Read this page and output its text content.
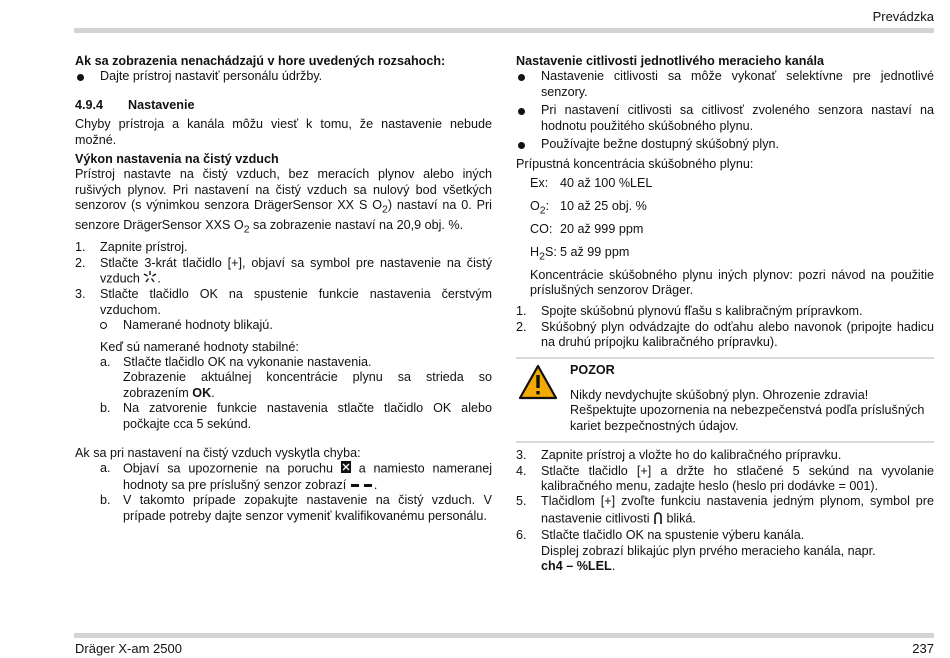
Prevádzka
Ak sa zobrazenia nenachádzajú v hore uvedených rozsahoch:
Dajte prístroj nastaviť personálu údržby.
4.9.4 Nastavenie

Chyby prístroja a kanála môžu viesť k tomu, že nastavenie nebude možné.

Výkon nastavenia na čistý vzduch

Prístroj nastavte na čistý vzduch, bez meracích plynov alebo iných rušivých plynov. Pri nastavení na čistý vzduch sa nulový bod všetkých senzorov (s výnimkou senzora DrägerSensor XX S $O_2$) nastaví na 0. Pri senzore DrägerSensor XXS $O_2$ sa zobrazenie nastaví na 20,9 obj. %.

1. Zapnite prístroj.
2. Stlačte 3-krát tlačidlo [+], objaví sa symbol pre nastavenie na čistý vzduch .
3. Stlačte tlačidlo OK na spustenie funkcie nastavenia čerstvým vzduchom.
Namerané hodnoty blikajú.
Keď sú namerané hodnoty stabilné:
a. Stlačte tlačidlo OK na vykonanie nastavenia.
Zobrazenie aktuálnej koncentrácie plynu sa strieda so zobrazením OK.
b. Na zatvorenie funkcie nastavenia stlačte tlačidlo OK alebo počkajte cca 5 sekúnd.
Ak sa pri nastavení na čistý vzduch vyskytla chyba:
a. Objaví sa upozornenie na poruchu a namiesto nameranej hodnoty sa pre príslušný senzor zobrazí .
b. V takomto prípade zopakujte nastavenie na čistý vzduch. V prípade potreby dajte senzor vymeniť kvalifikovanému personálu.
Nastavenie citlivosti jednotlivého meracieho kanála
Nastavenie citlivosti sa môže vykonať selektívne pre jednotlivé senzory.
Pri nastavení citlivosti sa citlivosť zvoleného senzora nastaví na hodnotu použitého skúšobného plynu.
Používajte bežne dostupný skúšobný plyn.
Prípustná koncentrácia skúšobného plynu:
Ex: 40 až 100 %LEL
$O_2$: 10 až 25 obj. %
CO: 20 až 999 ppm
$H_2S$: 5 až 99 ppm
Koncentrácie skúšobného plynu iných plynov: pozri návod na použitie príslušných senzorov Dräger.
1. Spojte skúšobnú plynovú fľašu s kalibračným prípravkom.
2. Skúšobný plyn odvádzajte do odťahu alebo navonok (pripojte hadicu na druhú prípojku kalibračného prípravku).
POZOR
Nikdy nevdychujte skúšobný plyn. Ohrozenie zdravia!
Rešpektujte upozornenia na nebezpečenstvá podľa príslušných kariet bezpečnostných údajov.
3. Zapnite prístroj a vložte ho do kalibračného prípravku.
4. Stlačte tlačidlo [+] a držte ho stlačené 5 sekúnd na vyvolanie kalibračného menu, zadajte heslo (heslo pri dodávke = 001).
5. Tlačidlom [+] zvoľte funkciu nastavenia jedným plynom, symbol pre nastavenie citlivosti bliká.
6. Stlačte tlačidlo OK na spustenie výberu kanála.
Displej zobrazí blikajúc plyn prvého meracieho kanála, napr.
ch4 – %LEL.
Dräger X-am 2500	237
